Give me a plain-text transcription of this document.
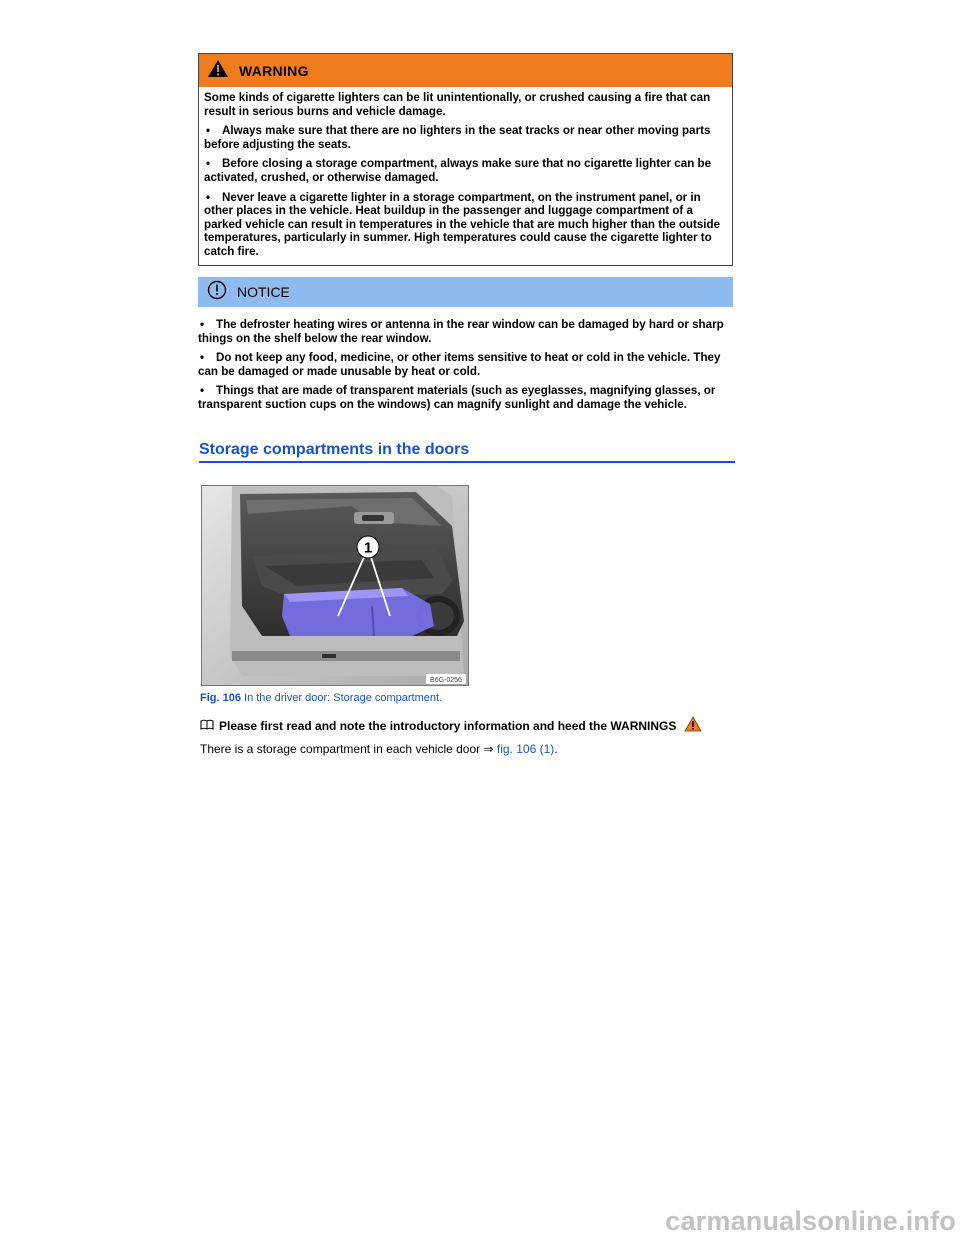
WARNING

Some kinds of cigarette lighters can be lit unintentionally, or crushed causing a fire that can result in serious burns and vehicle damage.

• Always make sure that there are no lighters in the seat tracks or near other moving parts before adjusting the seats.
• Before closing a storage compartment, always make sure that no cigarette lighter can be activated, crushed, or otherwise damaged.
• Never leave a cigarette lighter in a storage compartment, on the instrument panel, or in other places in the vehicle. Heat buildup in the passenger and luggage compartment of a parked vehicle can result in temperatures in the vehicle that are much higher than the outside temperatures, particularly in summer. High temperatures could cause the cigarette lighter to catch fire.
NOTICE
• The defroster heating wires or antenna in the rear window can be damaged by hard or sharp things on the shelf below the rear window.
• Do not keep any food, medicine, or other items sensitive to heat or cold in the vehicle. They can be damaged or made unusable by heat or cold.
• Things that are made of transparent materials (such as eyeglasses, magnifying glasses, or transparent suction cups on the windows) can magnify sunlight and damage the vehicle.
Storage compartments in the doors
1
B6G-0256
Fig. 106 In the driver door: Storage compartment.
Please first read and note the introductory information and heed the WARNINGS
There is a storage compartment in each vehicle door ⇒ fig. 106 (1).
carmanualsonline.info
